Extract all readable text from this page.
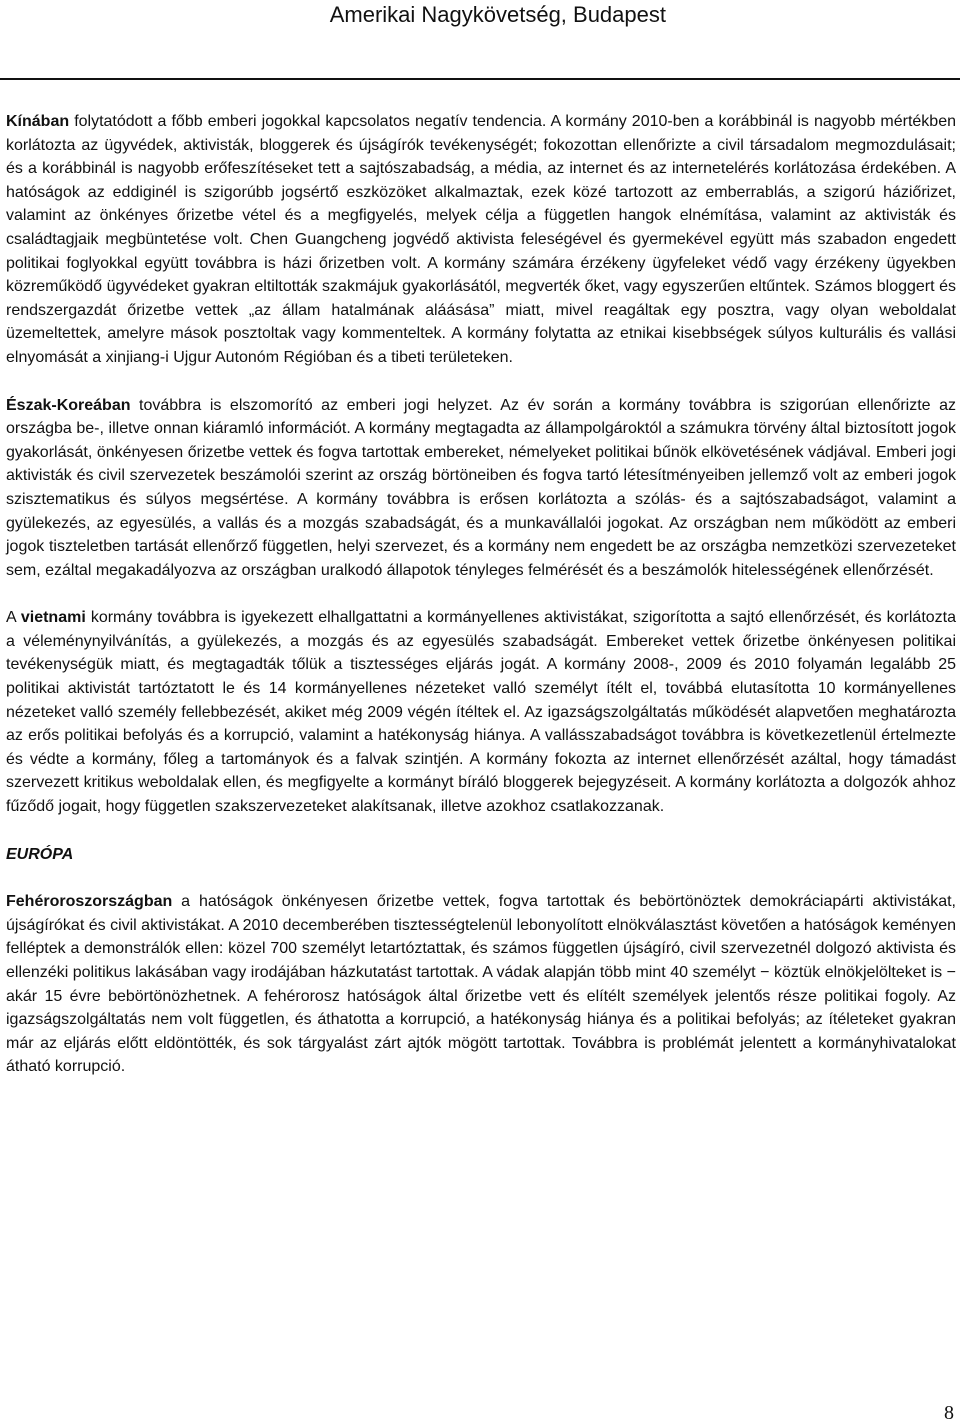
Amerikai Nagykövetség, Budapest

Kínában folytatódott a főbb emberi jogokkal kapcsolatos negatív tendencia. A kormány 2010-ben a korábbinál is nagyobb mértékben korlátozta az ügyvédek, aktivisták, bloggerek és újságírók tevékenységét; fokozottan ellenőrizte a civil társadalom megmozdulásait; és a korábbinál is nagyobb erőfeszítéseket tett a sajtószabadság, a média, az internet és az internetelérés korlátozása érdekében. A hatóságok az eddiginél is szigorúbb jogsértő eszközöket alkalmaztak, ezek közé tartozott az emberrablás, a szigorú háziőrizet, valamint az önkényes őrizetbe vétel és a megfigyelés, melyek célja a független hangok elnémítása, valamint az aktivisták és családtagjaik megbüntetése volt. Chen Guangcheng jogvédő aktivista feleségével és gyermekével együtt más szabadon engedett politikai foglyokkal együtt továbbra is házi őrizetben volt. A kormány számára érzékeny ügyfeleket védő vagy érzékeny ügyekben közreműködő ügyvédeket gyakran eltiltották szakmájuk gyakorlásától, megverték őket, vagy egyszerűen eltűntek. Számos bloggert és rendszergazdát őrizetbe vettek „az állam hatalmának aláásása” miatt, mivel reagáltak egy posztra, vagy olyan weboldalat üzemeltettek, amelyre mások posztoltak vagy kommenteltek. A kormány folytatta az etnikai kisebbségek súlyos kulturális és vallási elnyomását a xinjiang-i Ujgur Autonóm Régióban és a tibeti területeken.

Észak-Koreában továbbra is elszomorító az emberi jogi helyzet. Az év során a kormány továbbra is szigorúan ellenőrizte az országba be-, illetve onnan kiáramló információt. A kormány megtagadta az állampolgároktól a számukra törvény által biztosított jogok gyakorlását, önkényesen őrizetbe vettek és fogva tartottak embereket, némelyeket politikai bűnök elkövetésének vádjával. Emberi jogi aktivisták és civil szervezetek beszámolói szerint az ország börtöneiben és fogva tartó létesítményeiben jellemző volt az emberi jogok szisztematikus és súlyos megsértése. A kormány továbbra is erősen korlátozta a szólás- és a sajtószabadságot, valamint a gyülekezés, az egyesülés, a vallás és a mozgás szabadságát, és a munkavállalói jogokat. Az országban nem működött az emberi jogok tiszteletben tartását ellenőrző független, helyi szervezet, és a kormány nem engedett be az országba nemzetközi szervezeteket sem, ezáltal megakadályozva az országban uralkodó állapotok tényleges felmérését és a beszámolók hitelességének ellenőrzését.

A vietnami kormány továbbra is igyekezett elhallgattatni a kormányellenes aktivistákat, szigorította a sajtó ellenőrzését, és korlátozta a véleménynyilvánítás, a gyülekezés, a mozgás és az egyesülés szabadságát. Embereket vettek őrizetbe önkényesen politikai tevékenységük miatt, és megtagadták tőlük a tisztességes eljárás jogát. A kormány 2008-, 2009 és 2010 folyamán legalább 25 politikai aktivistát tartóztatott le és 14 kormányellenes nézeteket valló személyt ítélt el, továbbá elutasította 10 kormányellenes nézeteket valló személy fellebbezését, akiket még 2009 végén ítéltek el. Az igazságszolgáltatás működését alapvetően meghatározta az erős politikai befolyás és a korrupció, valamint a hatékonyság hiánya. A vallásszabadságot továbbra is következetlenül értelmezte és védte a kormány, főleg a tartományok és a falvak szintjén. A kormány fokozta az internet ellenőrzését azáltal, hogy támadást szervezett kritikus weboldalak ellen, és megfigyelte a kormányt bíráló bloggerek bejegyzéseit. A kormány korlátozta a dolgozók ahhoz fűződő jogait, hogy független szakszervezeteket alakítsanak, illetve azokhoz csatlakozzanak.

EURÓPA

Fehéroroszországban a hatóságok önkényesen őrizetbe vettek, fogva tartottak és bebörtönöztek demokráciapárti aktivistákat, újságírókat és civil aktivistákat. A 2010 decemberében tisztességtelenül lebonyolított elnökválasztást követően a hatóságok keményen felléptek a demonstrálók ellen: közel 700 személyt letartóztattak, és számos független újságíró, civil szervezetnél dolgozó aktivista és ellenzéki politikus lakásában vagy irodájában házkutatást tartottak. A vádak alapján több mint 40 személyt − köztük elnökjelölteket is − akár 15 évre bebörtönözhetnek. A fehérorosz hatóságok által őrizetbe vett és elítélt személyek jelentős része politikai fogoly. Az igazságszolgáltatás nem volt független, és áthatotta a korrupció, a hatékonyság hiánya és a politikai befolyás; az ítéleteket gyakran már az eljárás előtt eldöntötték, és sok tárgyalást zárt ajtók mögött tartottak. Továbbra is problémát jelentett a kormányhivatalokat átható korrupció.

8
